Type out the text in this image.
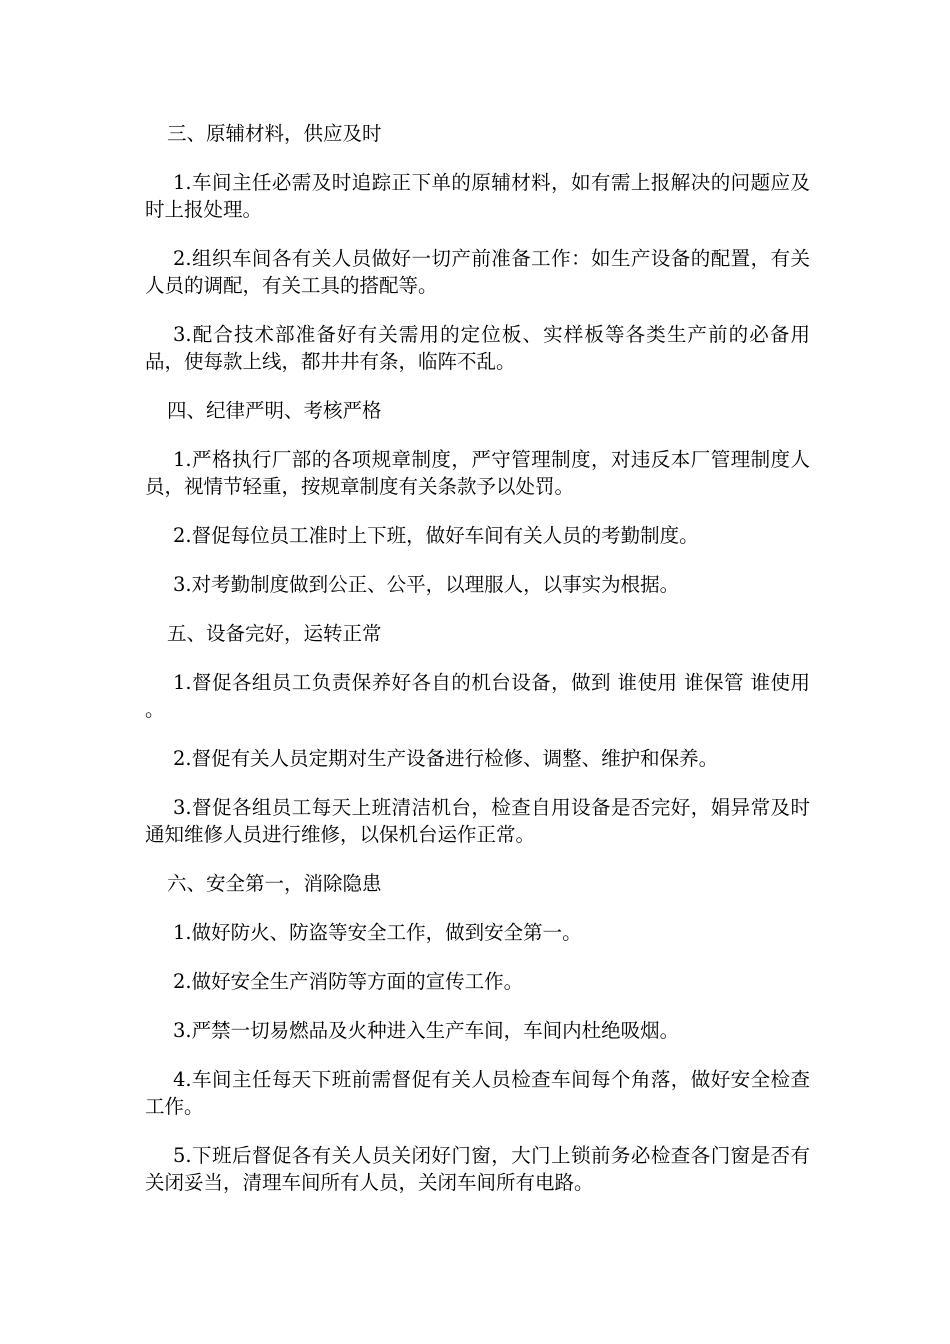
三、原辅材料，供应及时

1.车间主任必需及时追踪正下单的原辅材料，如有需上报解决的问题应及时上报处理。

2.组织车间各有关人员做好一切产前准备工作：如生产设备的配置，有关人员的调配，有关工具的搭配等。

3.配合技术部准备好有关需用的定位板、实样板等各类生产前的必备用品，使每款上线，都井井有条，临阵不乱。

四、纪律严明、考核严格

1.严格执行厂部的各项规章制度，严守管理制度，对违反本厂管理制度人员，视情节轻重，按规章制度有关条款予以处罚。

2.督促每位员工准时上下班，做好车间有关人员的考勤制度。

3.对考勤制度做到公正、公平，以理服人，以事实为根据。

五、设备完好，运转正常

1.督促各组员工负责保养好各自的机台设备，做到 谁使用 谁保管 谁使用 。

2.督促有关人员定期对生产设备进行检修、调整、维护和保养。

3.督促各组员工每天上班清洁机台，检查自用设备是否完好，娟异常及时通知维修人员进行维修，以保机台运作正常。

六、安全第一，消除隐患

1.做好防火、防盗等安全工作，做到安全第一。

2.做好安全生产消防等方面的宣传工作。

3.严禁一切易燃品及火种进入生产车间，车间内杜绝吸烟。

4.车间主任每天下班前需督促有关人员检查车间每个角落，做好安全检查工作。

5.下班后督促各有关人员关闭好门窗，大门上锁前务必检查各门窗是否有关闭妥当，清理车间所有人员，关闭车间所有电路。
